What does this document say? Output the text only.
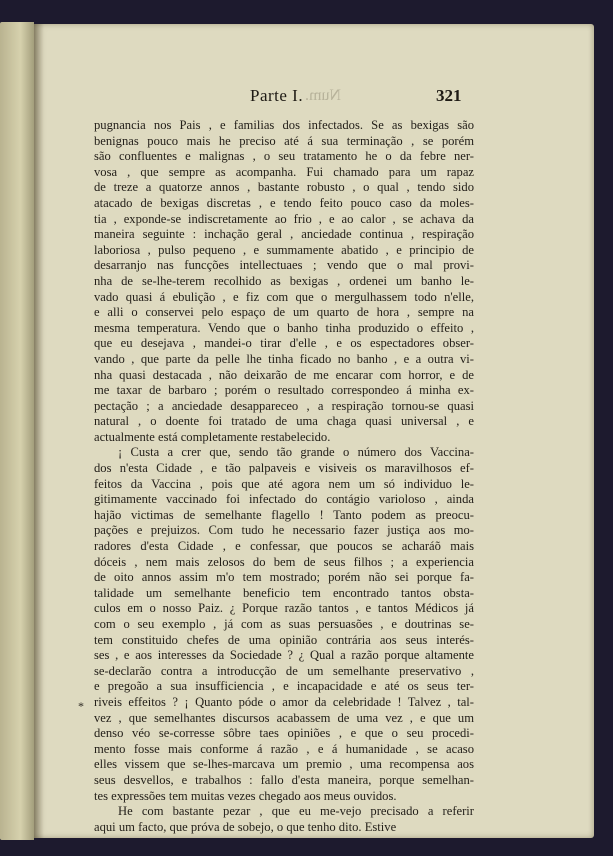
Parte I. Num.	321
pugnancia nos Pais , e familias dos infectados. Se as bexigas são
benignas pouco mais he preciso até á sua terminação , se porém
são confluentes e malignas , o seu tratamento he o da febre ner-
vosa , que sempre as acompanha. Fui chamado para um rapaz
de treze a quatorze annos , bastante robusto , o qual , tendo sido
atacado de bexigas discretas , e tendo feito pouco caso da moles-
tia , exponde-se indiscretamente ao frio , e ao calor , se achava da
maneira seguinte : inchação geral , anciedade continua , respiração
laboriosa , pulso pequeno , e summamente abatido , e principio de
desarranjo nas funcções intellectuaes ; vendo que o mal provi-
nha de se-lhe-terem recolhido as bexigas , ordenei um banho le-
vado quasi á ebulição , e fiz com que o mergulhassem todo n'elle,
e alli o conservei pelo espaço de um quarto de hora , sempre na
mesma temperatura. Vendo que o banho tinha produzido o effeito ,
que eu desejava , mandei-o tirar d'elle , e os espectadores obser-
vando , que parte da pelle lhe tinha ficado no banho , e a outra vi-
nha quasi destacada , não deixarão de me encarar com horror, e de
me taxar de barbaro ; porém o resultado correspondeo á minha ex-
pectação ; a anciedade desappareceo , a respiração tornou-se quasi
natural , o doente foi tratado de uma chaga quasi universal , e
actualmente está completamente restabelecido.
¡ Custa a crer que, sendo tão grande o número dos Vaccina-
dos n'esta Cidade , e tão palpaveis e visiveis os maravilhosos ef-
feitos da Vaccina , pois que até agora nem um só individuo le-
gitimamente vaccinado foi infectado do contágio varioloso , ainda
hajão victimas de semelhante flagello ! Tanto podem as preocu-
pações e prejuizos. Com tudo he necessario fazer justiça aos mo-
radores d'esta Cidade , e confessar, que poucos se acharáõ mais
dóceis , nem mais zelosos do bem de seus filhos ; a experiencia
de oito annos assim m'o tem mostrado; porém não sei porque fa-
talidade um semelhante beneficio tem encontrado tantos obsta-
culos em o nosso Paiz. ¿ Porque razão tantos , e tantos Médicos já
com o seu exemplo , já com as suas persuasões , e doutrinas se-
tem constituido chefes de uma opinião contrária aos seus interés-
ses , e aos interesses da Sociedade ? ¿ Qual a razão porque altamente
se-declarão contra a introducção de um semelhante preservativo ,
e pregoão a sua insufficiencia , e incapacidade e até os seus ter-
riveis effeitos ? ¡ Quanto póde o amor da celebridade ! Talvez , tal-
vez , que semelhantes discursos acabassem de uma vez , e que um
denso véo se-corresse sôbre taes opiniões , e que o seu procedi-
mento fosse mais conforme á razão , e á humanidade , se acaso
elles vissem que se-lhes-marcava um premio , uma recompensa aos
seus desvellos, e trabalhos : fallo d'esta maneira, porque semelhan-
tes expressões tem muitas vezes chegado aos meus ouvidos.
He com bastante pezar , que eu me-vejo precisado a referir
aqui um facto, que próva de sobejo, o que tenho dito. Estive
*
